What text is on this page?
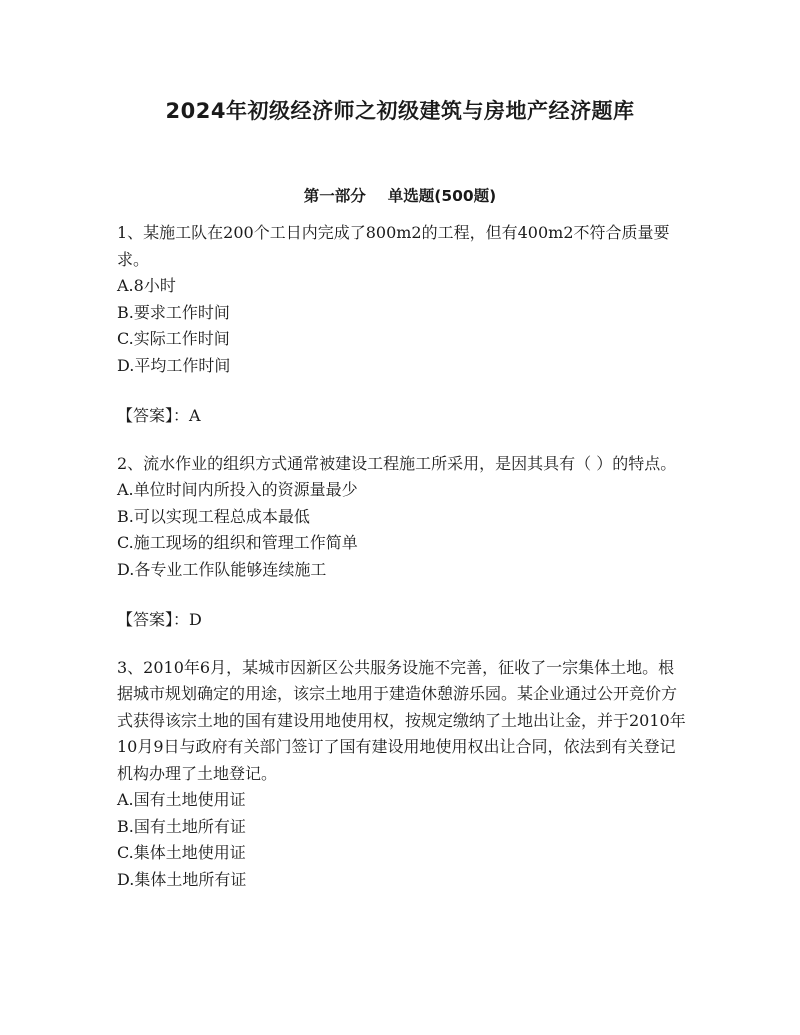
2024年初级经济师之初级建筑与房地产经济题库
第一部分 单选题(500题)

1、某施工队在200个工日内完成了800m2的工程，但有400m2不符合质量要求。

A.8小时

B.要求工作时间

C.实际工作时间

D.平均工作时间

【答案】：A

2、流水作业的组织方式通常被建设工程施工所采用，是因其具有（ ）的特点。

A.单位时间内所投入的资源量最少

B.可以实现工程总成本最低

C.施工现场的组织和管理工作简单

D.各专业工作队能够连续施工

【答案】：D

3、2010年6月，某城市因新区公共服务设施不完善，征收了一宗集体土地。根据城市规划确定的用途，该宗土地用于建造休憩游乐园。某企业通过公开竞价方式获得该宗土地的国有建设用地使用权，按规定缴纳了土地出让金，并于2010年10月9日与政府有关部门签订了国有建设用地使用权出让合同，依法到有关登记机构办理了土地登记。

A.国有土地使用证

B.国有土地所有证

C.集体土地使用证

D.集体土地所有证
